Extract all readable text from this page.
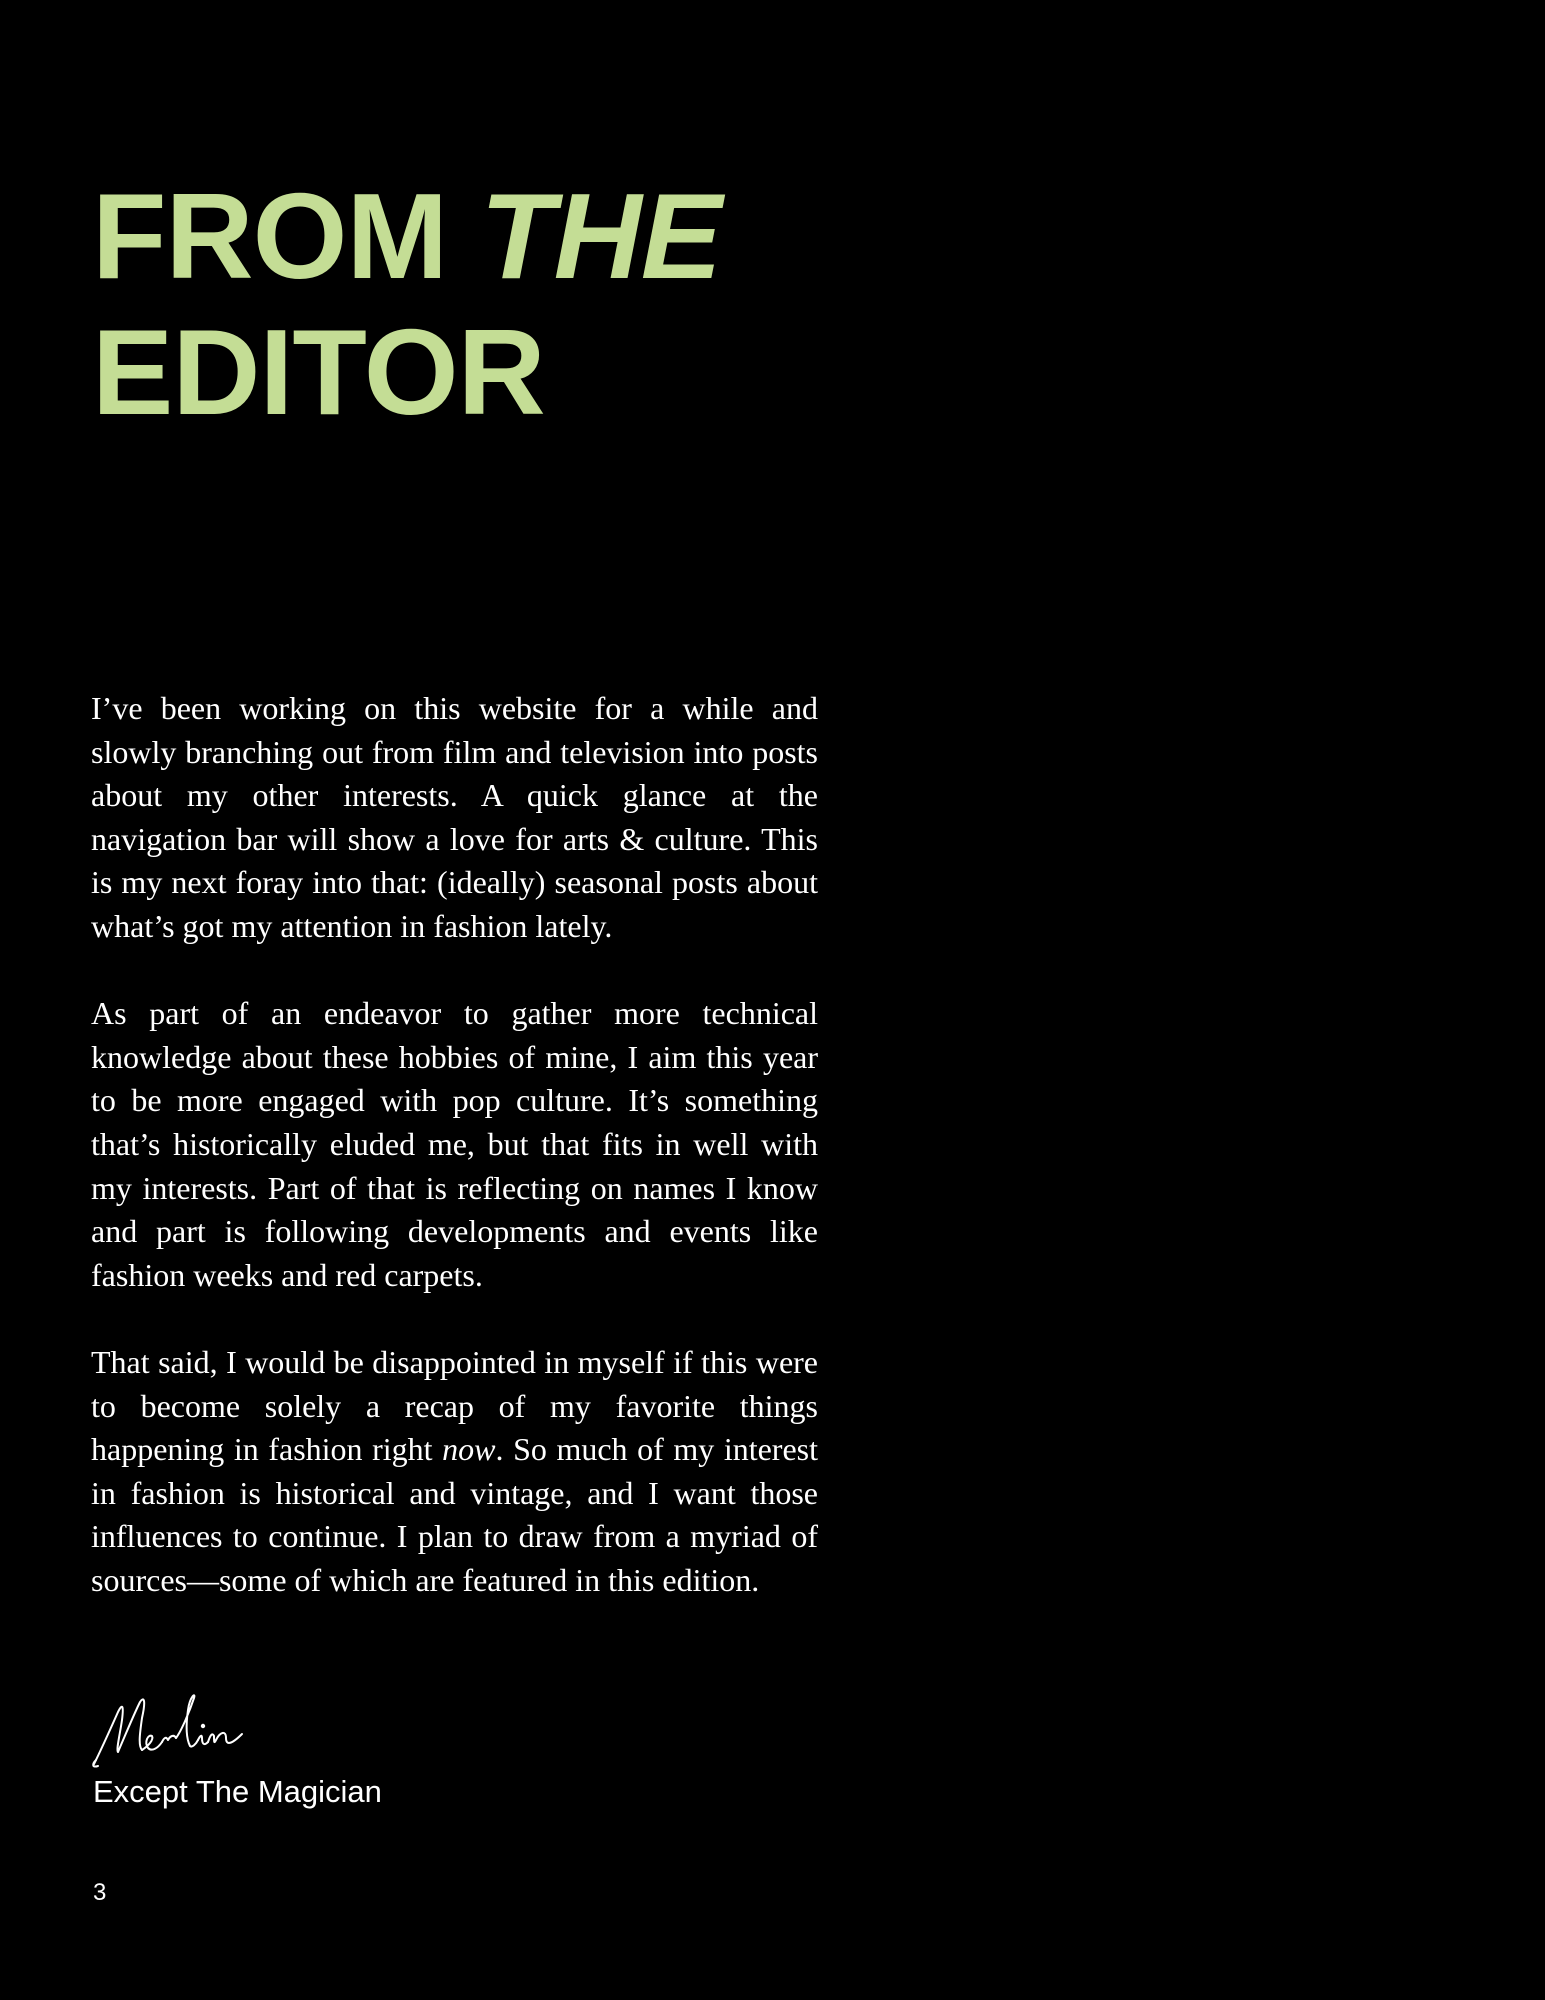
FROM THE
EDITOR

I’ve been working on this website for a while and slowly branching out from film and television into posts about my other interests. A quick glance at the navigation bar will show a love for arts & culture. This is my next foray into that: (ideally) seasonal posts about what’s got my attention in fashion lately.

As part of an endeavor to gather more technical knowledge about these hobbies of mine, I aim this year to be more engaged with pop culture. It’s something that’s historically eluded me, but that fits in well with my interests. Part of that is reflecting on names I know and part is following developments and events like fashion weeks and red carpets.

That said, I would be disappointed in myself if this were to become solely a recap of my favorite things happening in fashion right now. So much of my interest in fashion is historical and vintage, and I want those influences to continue. I plan to draw from a myriad of sources—some of which are featured in this edition.

Except The Magician

3
